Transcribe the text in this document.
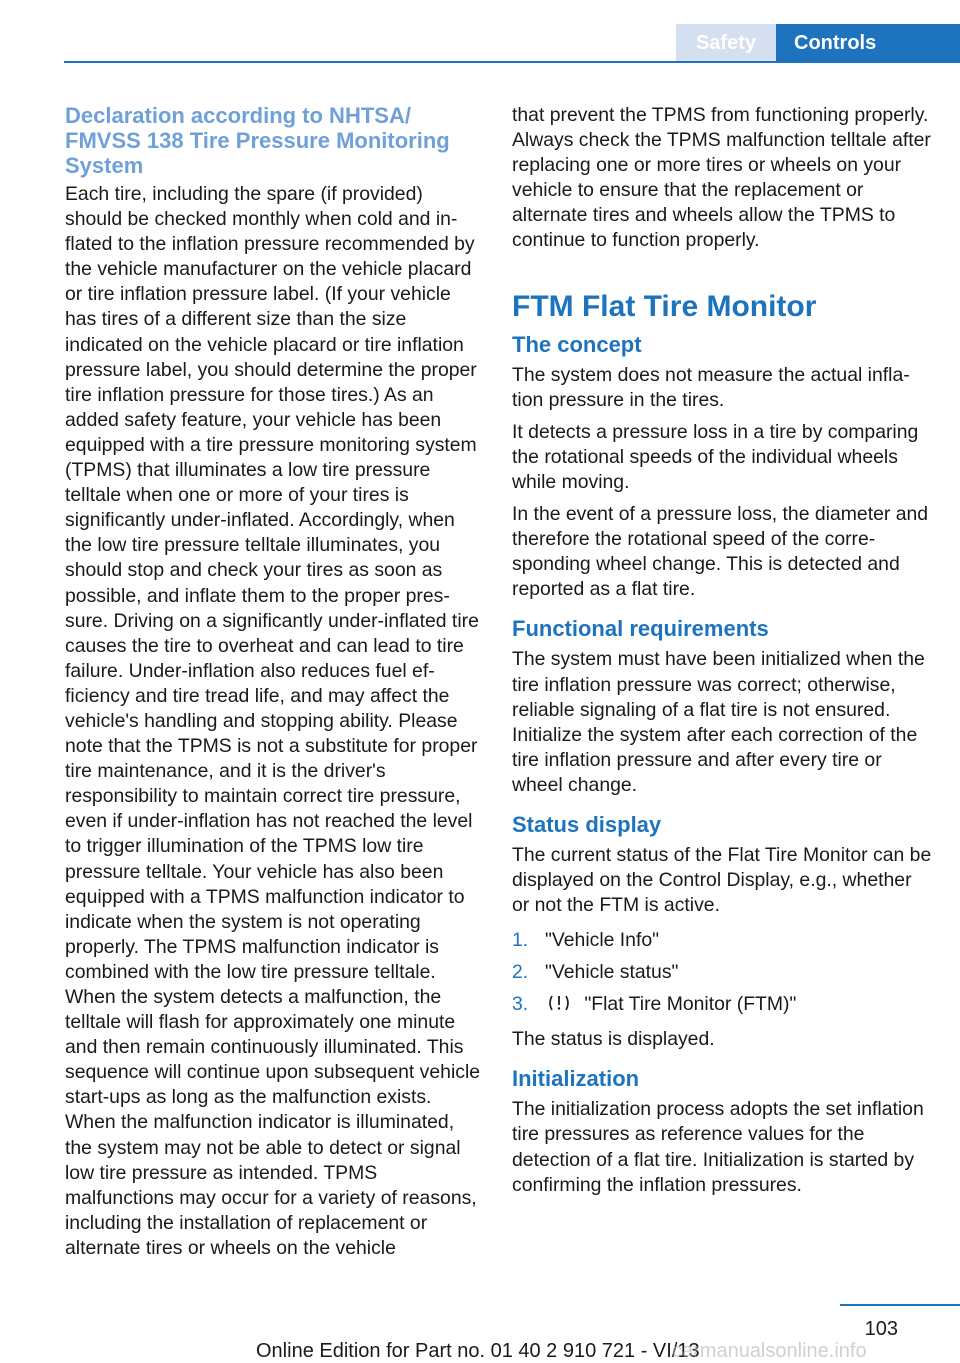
Safety	Controls
Declaration according to NHTSA/ FMVSS 138 Tire Pressure Monitoring System

Each tire, including the spare (if provided) should be checked monthly when cold and inflated to the inflation pressure recommended by the vehicle manufacturer on the vehicle placard or tire inflation pressure label. (If your vehicle has tires of a different size than the size indicated on the vehicle placard or tire inflation pressure label, you should determine the proper tire inflation pressure for those tires.) As an added safety feature, your vehicle has been equipped with a tire pressure monitoring system (TPMS) that illuminates a low tire pressure telltale when one or more of your tires is significantly under-inflated. Accordingly, when the low tire pressure telltale illuminates, you should stop and check your tires as soon as possible, and inflate them to the proper pressure. Driving on a significantly under-inflated tire causes the tire to overheat and can lead to tire failure. Under-inflation also reduces fuel efficiency and tire tread life, and may affect the vehicle's handling and stopping ability. Please note that the TPMS is not a substitute for proper tire maintenance, and it is the driver's responsibility to maintain correct tire pressure, even if under-inflation has not reached the level to trigger illumination of the TPMS low tire pressure telltale. Your vehicle has also been equipped with a TPMS malfunction indicator to indicate when the system is not operating properly. The TPMS malfunction indicator is combined with the low tire pressure telltale. When the system detects a malfunction, the telltale will flash for approximately one minute and then remain continuously illuminated. This sequence will continue upon subsequent vehicle start-ups as long as the malfunction exists. When the malfunction indicator is illuminated, the system may not be able to detect or signal low tire pressure as intended. TPMS malfunctions may occur for a variety of reasons, including the installation of replacement or alternate tires or wheels on the vehicle

that prevent the TPMS from functioning properly. Always check the TPMS malfunction telltale after replacing one or more tires or wheels on your vehicle to ensure that the replacement or alternate tires and wheels allow the TPMS to continue to function properly.

FTM Flat Tire Monitor
The concept

The system does not measure the actual inflation pressure in the tires.

It detects a pressure loss in a tire by comparing the rotational speeds of the individual wheels while moving.

In the event of a pressure loss, the diameter and therefore the rotational speed of the corresponding wheel change. This is detected and reported as a flat tire.

Functional requirements

The system must have been initialized when the tire inflation pressure was correct; otherwise, reliable signaling of a flat tire is not ensured. Initialize the system after each correction of the tire inflation pressure and after every tire or wheel change.

Status display

The current status of the Flat Tire Monitor can be displayed on the Control Display, e.g., whether or not the FTM is active.

1. "Vehicle Info"
2. "Vehicle status"
3.	"Flat Tire Monitor (FTM)"

The status is displayed.

Initialization

The initialization process adopts the set inflation tire pressures as reference values for the detection of a flat tire. Initialization is started by confirming the inflation pressures.

103
Online Edition for Part no. 01 40 2 910 721 - VI/13
carmanualsonline.info
